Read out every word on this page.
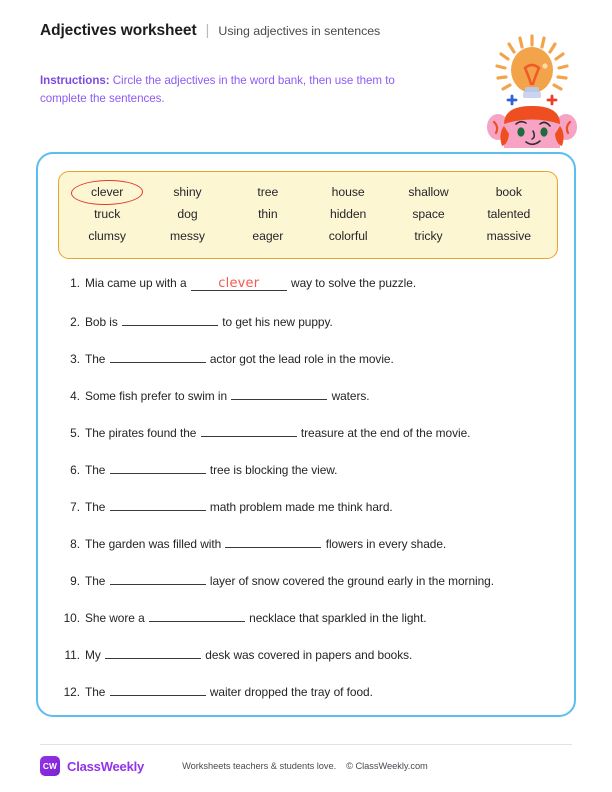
Adjectives worksheet | Using adjectives in sentences
Instructions: Circle the adjectives in the word bank, then use them to complete the sentences.
clever	shiny	tree	house	shallow	book
truck	dog	thin	hidden	space	talented
clumsy	messy	eager	colorful	tricky	massive
1. Mia came up with a clever way to solve the puzzle.
2. Bob is	to get his new puppy.
3. The	actor got the lead role in the movie.
4. Some fish prefer to swim in	waters.
5. The pirates found the	treasure at the end of the movie.
6. The	tree is blocking the view.
7. The	math problem made me think hard.
8. The garden was filled with	flowers in every shade.
9. The	layer of snow covered the ground early in the morning.
10. She wore a	necklace that sparkled in the light.
11. My	desk was covered in papers and books.
12. The	waiter dropped the tray of food.
CW ClassWeekly	Worksheets teachers & students love. © ClassWeekly.com
